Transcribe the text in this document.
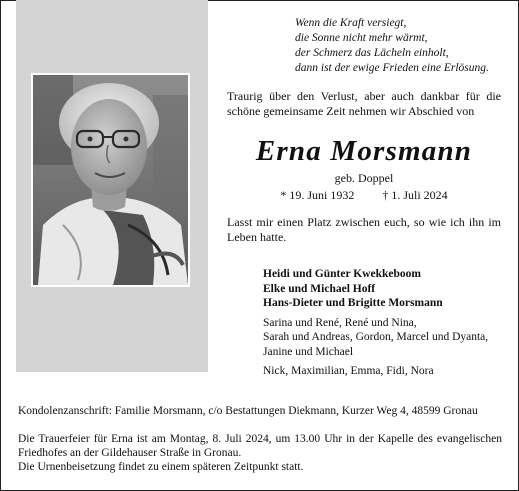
Wenn die Kraft versiegt,
die Sonne nicht mehr wärmt,
der Schmerz das Lächeln einholt,
dann ist der ewige Frieden eine Erlösung.
Traurig über den Verlust, aber auch dankbar für die schöne gemeinsame Zeit nehmen wir Abschied von
Erna Morsmann
geb. Doppel
* 19. Juni 1932 † 1. Juli 2024
Lasst mir einen Platz zwischen euch, so wie ich ihn im Leben hatte.
Heidi und Günter Kwekkeboom
Elke und Michael Hoff
Hans-Dieter und Brigitte Morsmann
Sarina und René, René und Nina,
Sarah und Andreas, Gordon, Marcel und Dyanta,
Janine und Michael
Nick, Maximilian, Emma, Fidi, Nora
Kondolenzanschrift: Familie Morsmann, c/o Bestattungen Diekmann, Kurzer Weg 4, 48599 Gronau
Die Trauerfeier für Erna ist am Montag, 8. Juli 2024, um 13.00 Uhr in der Kapelle des evangelischen Friedhofes an der Gildehauser Straße in Gronau.
Die Urnenbeisetzung findet zu einem späteren Zeitpunkt statt.
